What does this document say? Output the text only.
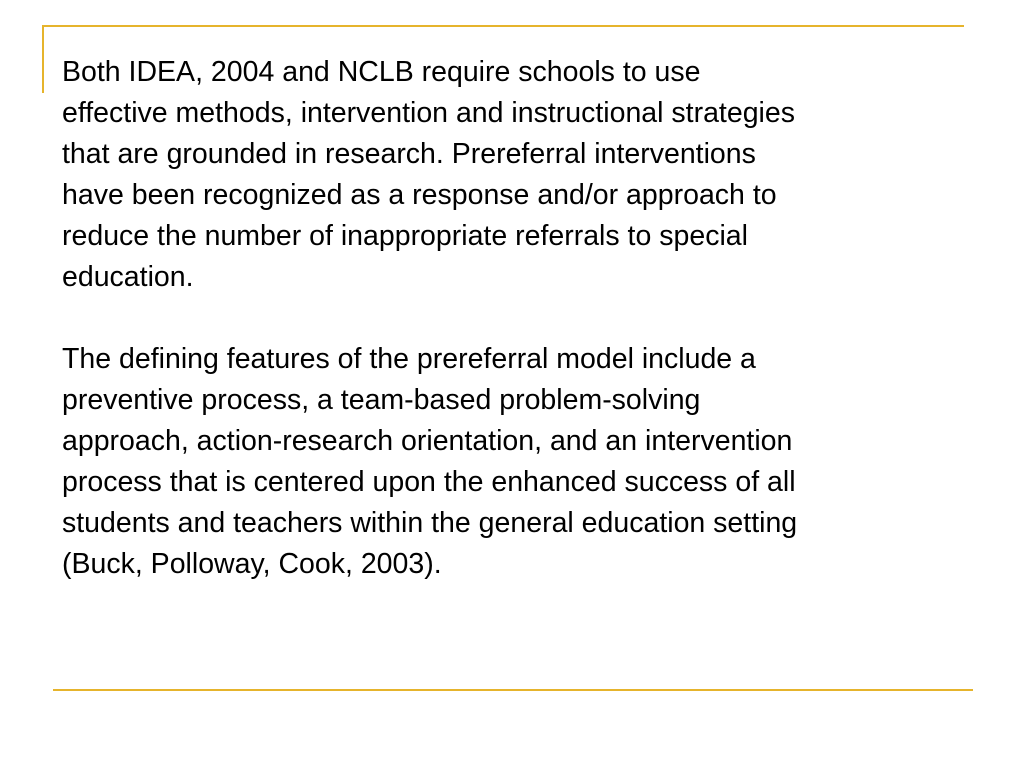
Both IDEA, 2004 and NCLB require schools to use
effective methods, intervention and instructional strategies
that are grounded in research. Prereferral interventions
have been recognized as a response and/or approach to
reduce the number of inappropriate referrals to special
education.

The defining features of the prereferral model include a
preventive process, a team-based problem-solving
approach, action-research orientation, and an intervention
process that is centered upon the enhanced success of all
students and teachers within the general education setting
(Buck, Polloway, Cook, 2003).
